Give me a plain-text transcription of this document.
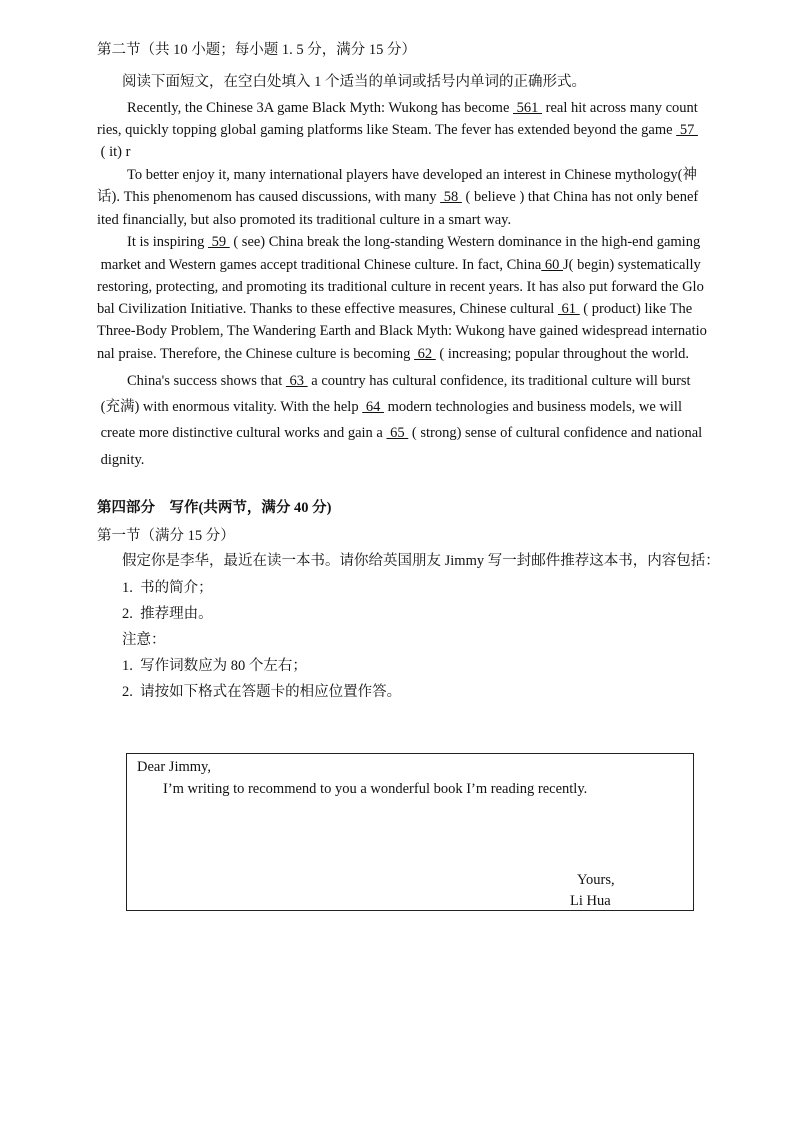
第二节（共 10 小题；每小题 1. 5 分，满分 15 分）
阅读下面短文，在空白处填入 1 个适当的单词或括号内单词的正确形式。
Recently, the Chinese 3A game Black Myth: Wukong has become  561  real hit across many count
ries, quickly topping global gaming platforms like Steam. The fever has extended beyond the game  57
( it) r
To better enjoy it, many international players have developed an interest in Chinese mythology(神
话). This phenomenom has caused discussions, with many  58  ( believe ) that China has not only benef
ited financially, but also promoted its traditional culture in a smart way.
It is inspiring  59  ( see) China break the long-standing Western dominance in the high-end gaming
market and Western games accept traditional Chinese culture. In fact, China 60 J( begin) systematically
restoring, protecting, and promoting its traditional culture in recent years. It has also put forward the Glo
bal Civilization Initiative. Thanks to these effective measures, Chinese cultural  61  ( product) like The
Three-Body Problem, The Wandering Earth and Black Myth: Wukong have gained widespread internatio
nal praise. Therefore, the Chinese culture is becoming  62  ( increasing; popular throughout the world.
China's success shows that  63  a country has cultural confidence, its traditional culture will burst
(充满) with enormous vitality. With the help  64  modern technologies and business models, we will
create more distinctive cultural works and gain a  65  ( strong) sense of cultural confidence and national
dignity.
第四部分　写作(共两节，满分 40 分)
第一节（满分 15 分）
假定你是李华，最近在读一本书。请你给英国朋友 Jimmy 写一封邮件推荐这本书，内容包括：
1.  书的简介；
2.  推荐理由。
注意：
1.  写作词数应为 80 个左右；
2.  请按如下格式在答题卡的相应位置作答。
Dear Jimmy,
I’m writing to recommend to you a wonderful book I’m reading recently.
Yours,
Li Hua
